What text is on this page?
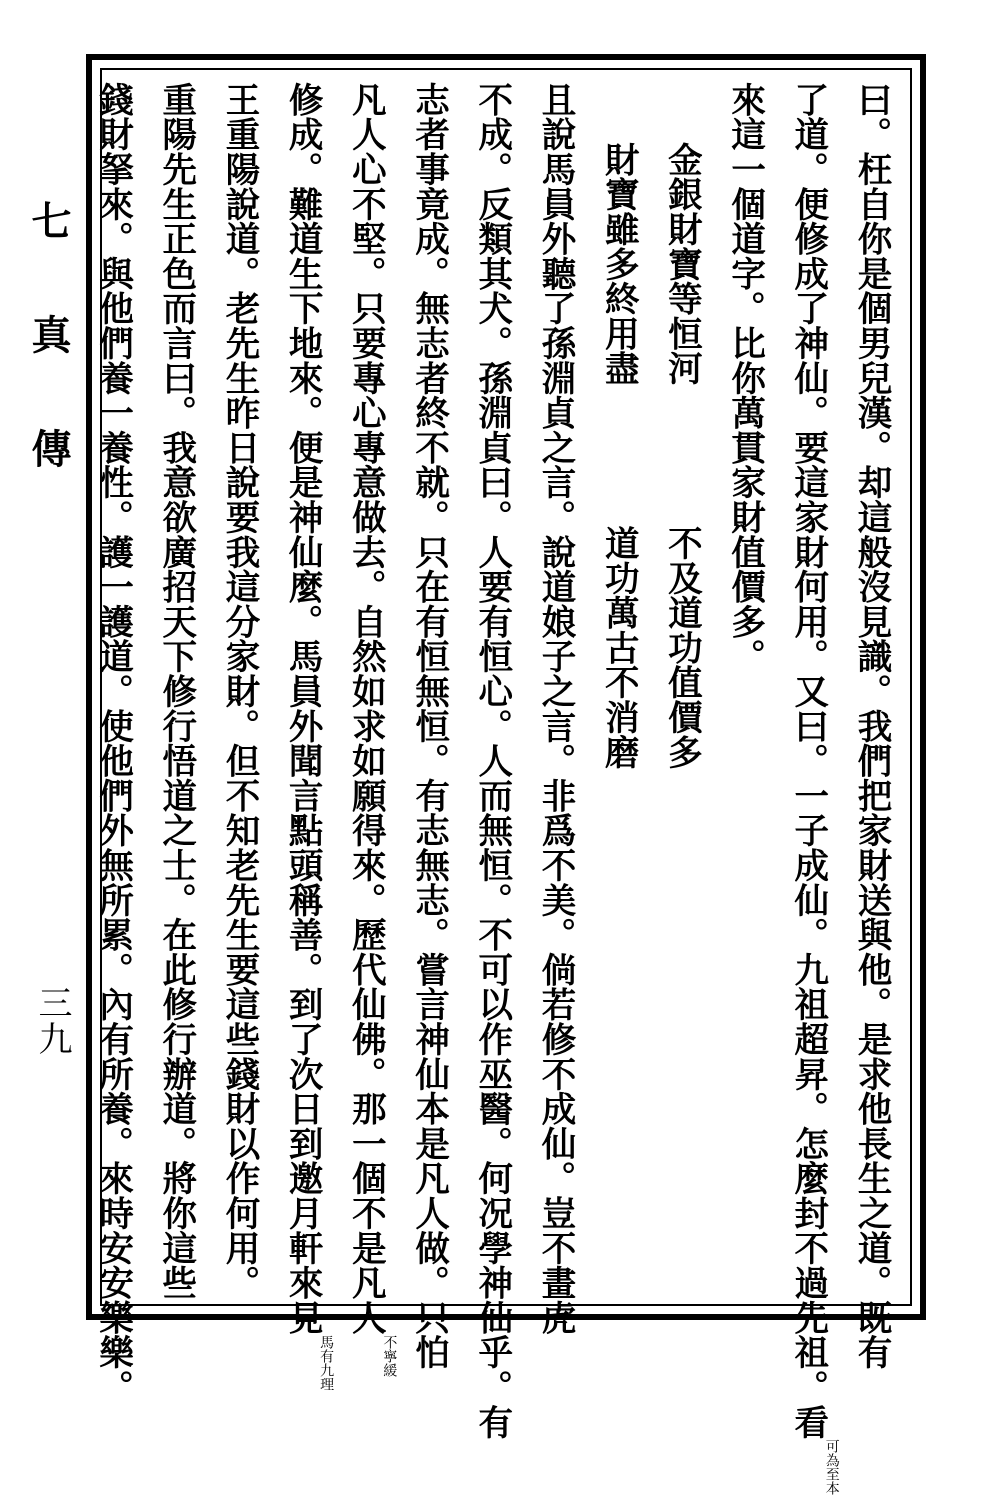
七 真 傳
三九	曰。枉自你是個男兒漢。却這般沒見識。我們把家財送與他。是求他長生之道。既有
了道。便修成了神仙。要這家財何用。又曰。一子成仙。九祖超昇。怎麼封不過先祖。看可為至本
來這一個道字。比你萬貫家財值價多。
金銀財寶等恒河不及道功值價多
財寶雖多終用盡道功萬古不消磨
且說馬員外聽了孫淵貞之言。說道娘子之言。非爲不美。倘若修不成仙。豈不畫虎
不成。反類其犬。孫淵貞曰。人要有恒心。人而無恒。不可以作巫醫。何况學神仙乎。有
志者事竟成。無志者終不就。只在有恒無恒。有志無志。嘗言神仙本是凡人做。只怕
凡人心不堅。只要專心專意做去。自然如求如願得來。歷代仙佛。那一個不是凡人不寧緩
修成。難道生下地來。便是神仙麼。馬員外聞言點頭稱善。到了次日到邀月軒來見馬有九理
王重陽說道。老先生昨日說要我這分家財。但不知老先生要這些錢財以作何用。
重陽先生正色而言曰。我意欲廣招天下修行悟道之士。在此修行辦道。將你這些
錢財拏來。與他們養一養性。護一護道。使他們外無所累。內有所養。來時安安樂樂。
